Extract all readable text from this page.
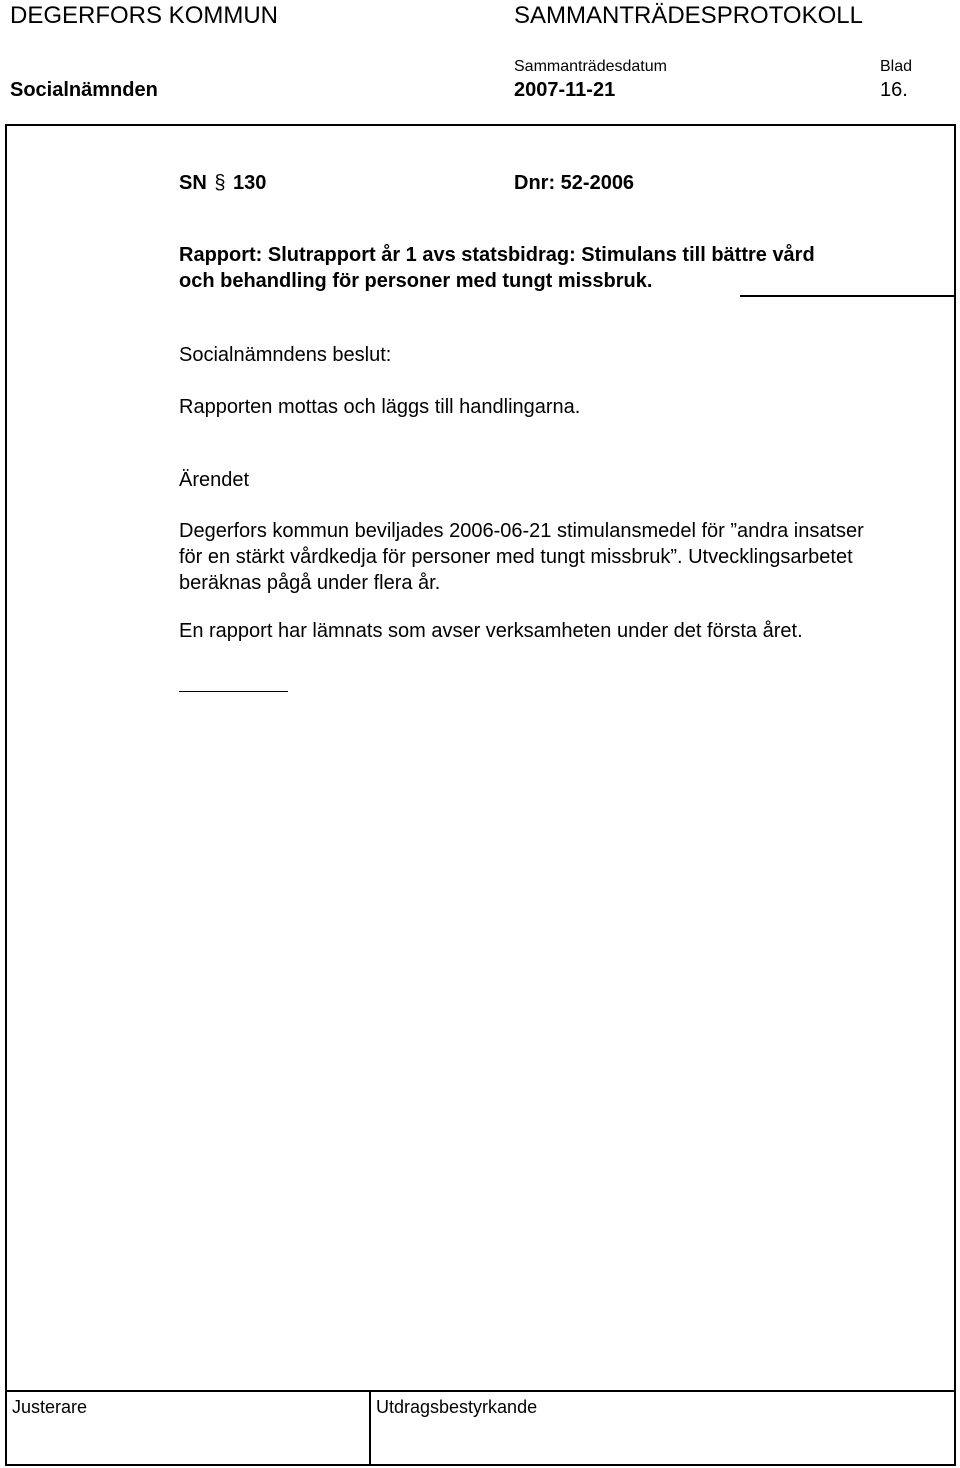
DEGERFORS KOMMUN	SAMMANTRÄDESPROTOKOLL
Sammanträdesdatum	Blad
Socialnämnden	2007-11-21	16.
SN § 130	Dnr: 52-2006
Rapport: Slutrapport år 1 avs statsbidrag: Stimulans till bättre vård
och behandling för personer med tungt missbruk.
Socialnämndens beslut:
Rapporten mottas och läggs till handlingarna.
Ärendet
Degerfors kommun beviljades 2006-06-21 stimulansmedel för ”andra insatser
för en stärkt vårdkedja för personer med tungt missbruk”. Utvecklingsarbetet
beräknas pågå under flera år.
En rapport har lämnats som avser verksamheten under det första året.
Justerare	Utdragsbestyrkande
